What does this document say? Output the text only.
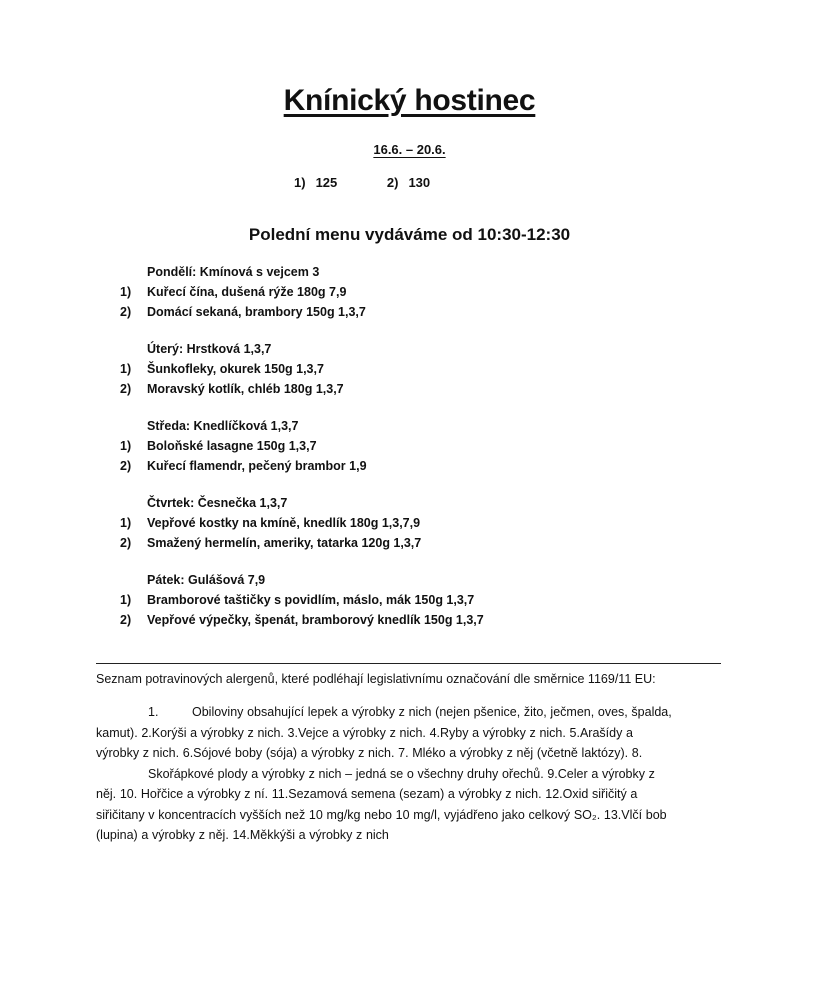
Knínický hostinec
16.6. – 20.6.
1) 125	2) 130
Polední menu vydáváme od 10:30-12:30
Pondělí: Kmínová s vejcem 3
1)	Kuřecí čína, dušená rýže 180g 7,9
2)	Domácí sekaná, brambory 150g 1,3,7
Úterý: Hrstková 1,3,7
1)	Šunkofleky, okurek 150g 1,3,7
2)	Moravský kotlík, chléb 180g 1,3,7
Středa: Knedlíčková 1,3,7
1)	Boloňské lasagne 150g 1,3,7
2)	Kuřecí flamendr, pečený brambor 1,9
Čtvrtek: Česnečka 1,3,7
1)	Vepřové kostky na kmíně, knedlík 180g 1,3,7,9
2)	Smažený hermelín, ameriky, tatarka 120g 1,3,7
Pátek: Gulášová 7,9
1)	Bramborové taštičky s povidlím, máslo, mák 150g 1,3,7
2)	Vepřové výpečky, špenát, bramborový knedlík 150g 1,3,7
Seznam potravinových alergenů, které podléhají legislativnímu označování dle směrnice 1169/11 EU:
1.	Obiloviny obsahující lepek a výrobky z nich (nejen pšenice, žito, ječmen, oves, špalda,
kamut). 2.Korýši a výrobky z nich. 3.Vejce a výrobky z nich. 4.Ryby a výrobky z nich. 5.Arašídy a
výrobky z nich. 6.Sójové boby (sója) a výrobky z nich. 7. Mléko a výrobky z něj (včetně laktózy). 8.
Skořápkové plody a výrobky z nich – jedná se o všechny druhy ořechů. 9.Celer a výrobky z
něj. 10. Hořčice a výrobky z ní. 11.Sezamová semena (sezam) a výrobky z nich. 12.Oxid siřičitý a
siřičitany v koncentracích vyšších než 10 mg/kg nebo 10 mg/l, vyjádřeno jako celkový SO₂. 13.Vlčí bob
(lupina) a výrobky z něj. 14.Měkkýši a výrobky z nich
